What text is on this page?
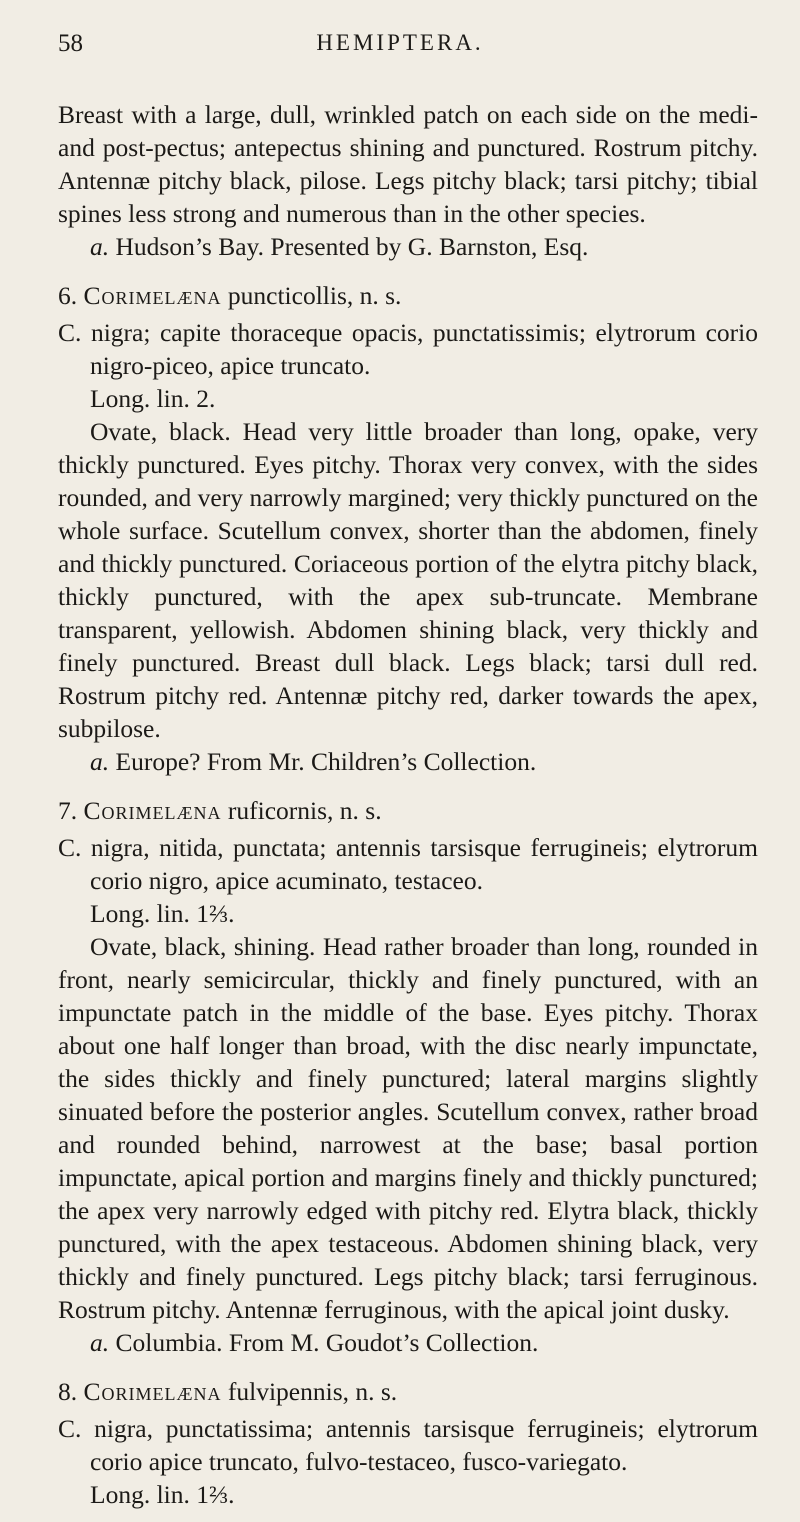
58	HEMIPTERA.

Breast with a large, dull, wrinkled patch on each side on the medi- and post-pectus; antepectus shining and punctured. Rostrum pitchy. Antennæ pitchy black, pilose. Legs pitchy black; tarsi pitchy; tibial spines less strong and numerous than in the other species.

a. Hudson’s Bay. Presented by G. Barnston, Esq.

6. Corimelæna puncticollis, n. s.

C. nigra; capite thoraceque opacis, punctatissimis; elytrorum corio nigro-piceo, apice truncato.

Long. lin. 2.

Ovate, black. Head very little broader than long, opake, very thickly punctured. Eyes pitchy. Thorax very convex, with the sides rounded, and very narrowly margined; very thickly punctured on the whole surface. Scutellum convex, shorter than the abdomen, finely and thickly punctured. Coriaceous portion of the elytra pitchy black, thickly punctured, with the apex sub-truncate. Membrane transparent, yellowish. Abdomen shining black, very thickly and finely punctured. Breast dull black. Legs black; tarsi dull red. Rostrum pitchy red. Antennæ pitchy red, darker towards the apex, subpilose.

a. Europe? From Mr. Children’s Collection.

7. Corimelæna ruficornis, n. s.

C. nigra, nitida, punctata; antennis tarsisque ferrugineis; elytrorum corio nigro, apice acuminato, testaceo.

Long. lin. 1⅔.

Ovate, black, shining. Head rather broader than long, rounded in front, nearly semicircular, thickly and finely punctured, with an impunctate patch in the middle of the base. Eyes pitchy. Thorax about one half longer than broad, with the disc nearly impunctate, the sides thickly and finely punctured; lateral margins slightly sinuated before the posterior angles. Scutellum convex, rather broad and rounded behind, narrowest at the base; basal portion impunctate, apical portion and margins finely and thickly punctured; the apex very narrowly edged with pitchy red. Elytra black, thickly punctured, with the apex testaceous. Abdomen shining black, very thickly and finely punctured. Legs pitchy black; tarsi ferruginous. Rostrum pitchy. Antennæ ferruginous, with the apical joint dusky.

a. Columbia. From M. Goudot’s Collection.

8. Corimelæna fulvipennis, n. s.

C. nigra, punctatissima; antennis tarsisque ferrugineis; elytrorum corio apice truncato, fulvo-testaceo, fusco-variegato.

Long. lin. 1⅔.
